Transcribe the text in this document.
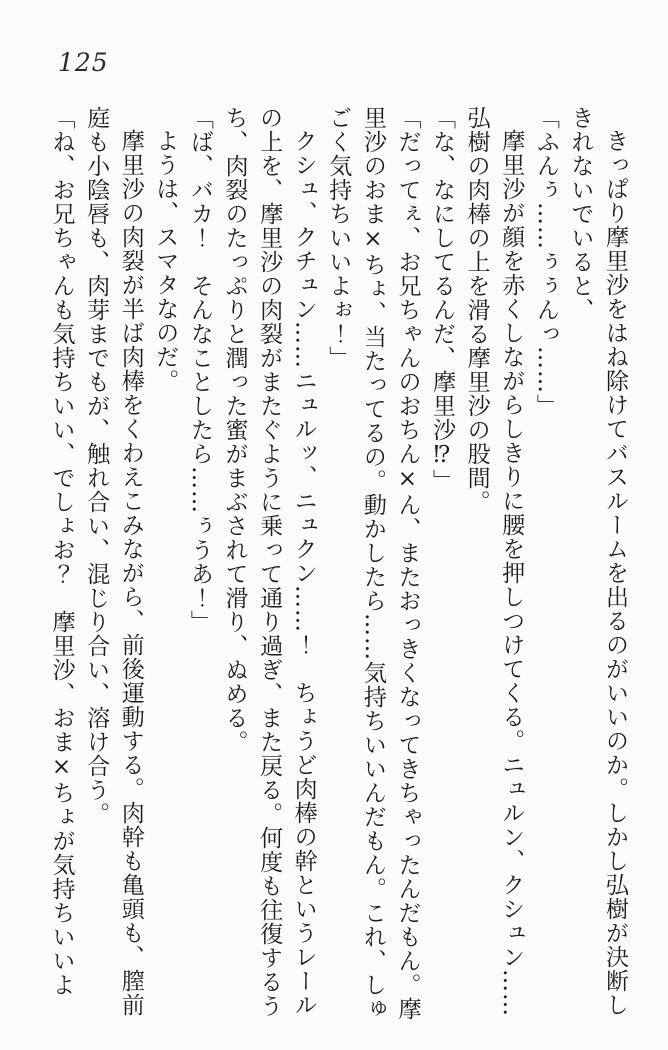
125

きっぱり摩里沙をはね除けてバスルームを出るのがいいのか。しかし弘樹が決断しきれないでいると、

「ふんぅ……ぅぅんっ……」

摩里沙が顔を赤くしながらしきりに腰を押しつけてくる。ニュルン、クシュン……弘樹の肉棒の上を滑る摩里沙の股間。

「な、なにしてるんだ、摩里沙⁉」

「だってぇ、お兄ちゃんのおちん×ん、またおっきくなってきちゃったんだもん。摩里沙のおま×ちょ、当たってるの。動かしたら……気持ちいいんだもん。これ、しゅごく気持ちいいよぉ！」

クシュ、クチュン……ニュルッ、ニュクン……！　ちょうど肉棒の幹というレールの上を、摩里沙の肉裂がまたぐように乗って通り過ぎ、また戻る。何度も往復するうち、肉裂のたっぷりと潤った蜜がまぶされて滑り、ぬめる。

「ば、バカ！　そんなことしたら……ぅうあ！」

ようは、スマタなのだ。

摩里沙の肉裂が半ば肉棒をくわえこみながら、前後運動する。肉幹も亀頭も、膣前庭も小陰唇も、肉芽までもが、触れ合い、混じり合い、溶け合う。

「ね、お兄ちゃんも気持ちいい、でしょお？　摩里沙、おま×ちょが気持ちいいよ
